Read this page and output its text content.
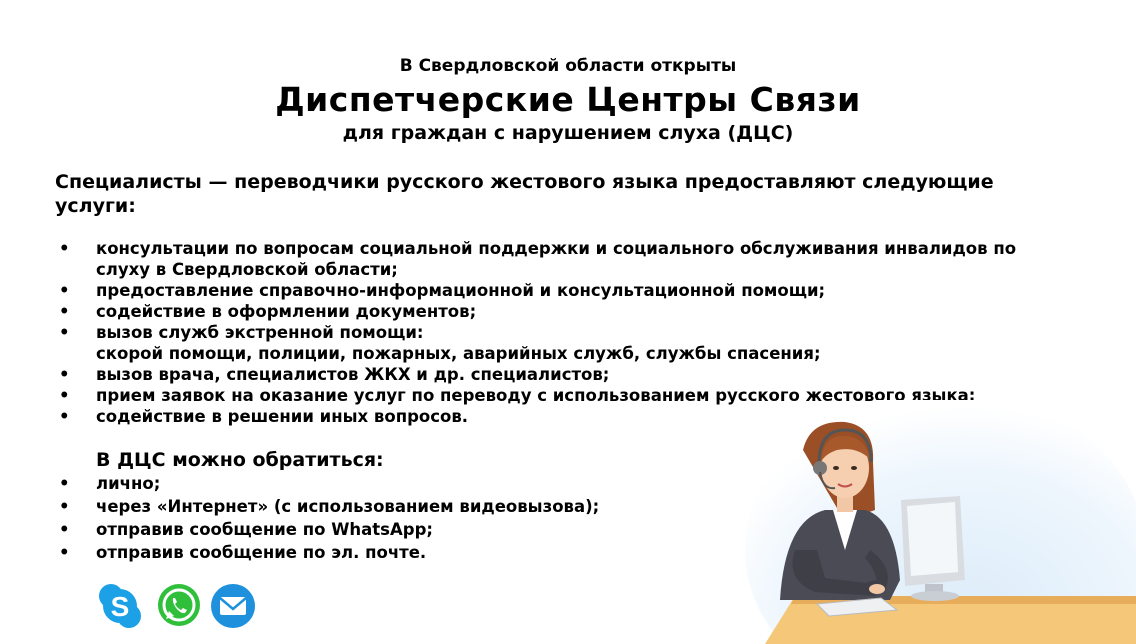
В Свердловской области открыты
Диспетчерские Центры Связи
для граждан с нарушением слуха (ДЦС)
Специалисты — переводчики русского жестового языка предоставляют следующие услуги:
• консультации по вопросам социальной поддержки и социального обслуживания инвалидов по
слуху в Свердловской области;
• предоставление справочно-информационной и консультационной помощи;
• содействие в оформлении документов;
• вызов служб экстренной помощи:
скорой помощи, полиции, пожарных, аварийных служб, службы спасения;
• вызов врача, специалистов ЖКХ и др. специалистов;
• прием заявок на оказание услуг по переводу с использованием русского жестового языка;
• содействие в решении иных вопросов.
В ДЦС можно обратиться:
• лично;
• через «Интернет» (с использованием видеовызова);
• отправив сообщение по WhatsApp;
• отправив сообщение по эл. почте.
S
